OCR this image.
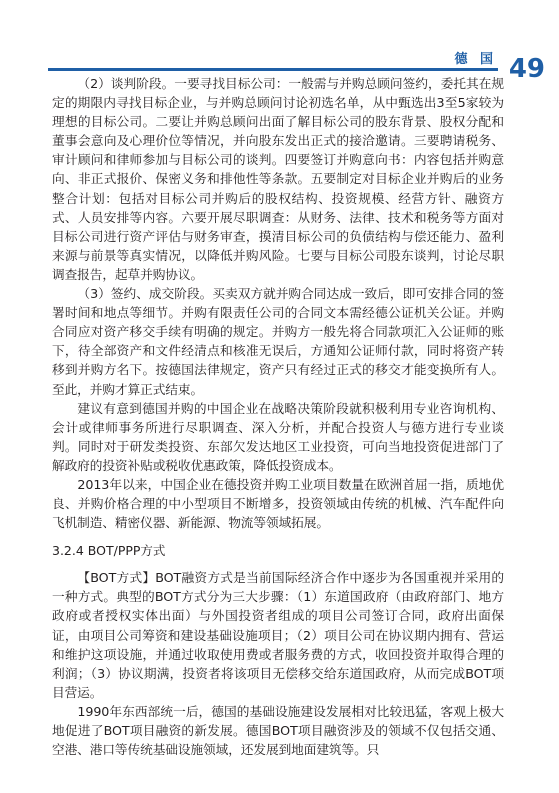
德 国 49

（2）谈判阶段。一要寻找目标公司：一般需与并购总顾问签约，委托其在规定的期限内寻找目标企业，与并购总顾问讨论初选名单，从中甄选出3至5家较为理想的目标公司。二要让并购总顾问出面了解目标公司的股东背景、股权分配和董事会意向及心理价位等情况，并向股东发出正式的接洽邀请。三要聘请税务、审计顾问和律师参加与目标公司的谈判。四要签订并购意向书：内容包括并购意向、非正式报价、保密义务和排他性等条款。五要制定对目标企业并购后的业务整合计划：包括对目标公司并购后的股权结构、投资规模、经营方针、融资方式、人员安排等内容。六要开展尽职调查：从财务、法律、技术和税务等方面对目标公司进行资产评估与财务审查，摸清目标公司的负债结构与偿还能力、盈利来源与前景等真实情况，以降低并购风险。七要与目标公司股东谈判，讨论尽职调查报告，起草并购协议。

（3）签约、成交阶段。买卖双方就并购合同达成一致后，即可安排合同的签署时间和地点等细节。并购有限责任公司的合同文本需经德公证机关公证。并购合同应对资产移交手续有明确的规定。并购方一般先将合同款项汇入公证师的账下，待全部资产和文件经清点和核准无误后，方通知公证师付款，同时将资产转移到并购方名下。按德国法律规定，资产只有经过正式的移交才能变换所有人。至此，并购才算正式结束。

建议有意到德国并购的中国企业在战略决策阶段就积极利用专业咨询机构、会计或律师事务所进行尽职调查、深入分析，并配合投资人与德方进行专业谈判。同时对于研发类投资、东部欠发达地区工业投资，可向当地投资促进部门了解政府的投资补贴或税收优惠政策，降低投资成本。

2013年以来，中国企业在德投资并购工业项目数量在欧洲首屈一指，质地优良、并购价格合理的中小型项目不断增多，投资领域由传统的机械、汽车配件向飞机制造、精密仪器、新能源、物流等领域拓展。

3.2.4 BOT/PPP方式

【BOT方式】BOT融资方式是当前国际经济合作中逐步为各国重视并采用的一种方式。典型的BOT方式分为三大步骤：（1）东道国政府（由政府部门、地方政府或者授权实体出面）与外国投资者组成的项目公司签订合同，政府出面保证，由项目公司筹资和建设基础设施项目；（2）项目公司在协议期内拥有、营运和维护这项设施，并通过收取使用费或者服务费的方式，收回投资并取得合理的利润；（3）协议期满，投资者将该项目无偿移交给东道国政府，从而完成BOT项目营运。

1990年东西部统一后，德国的基础设施建设发展相对比较迅猛，客观上极大地促进了BOT项目融资的新发展。德国BOT项目融资涉及的领域不仅包括交通、空港、港口等传统基础设施领域，还发展到地面建筑等。只
